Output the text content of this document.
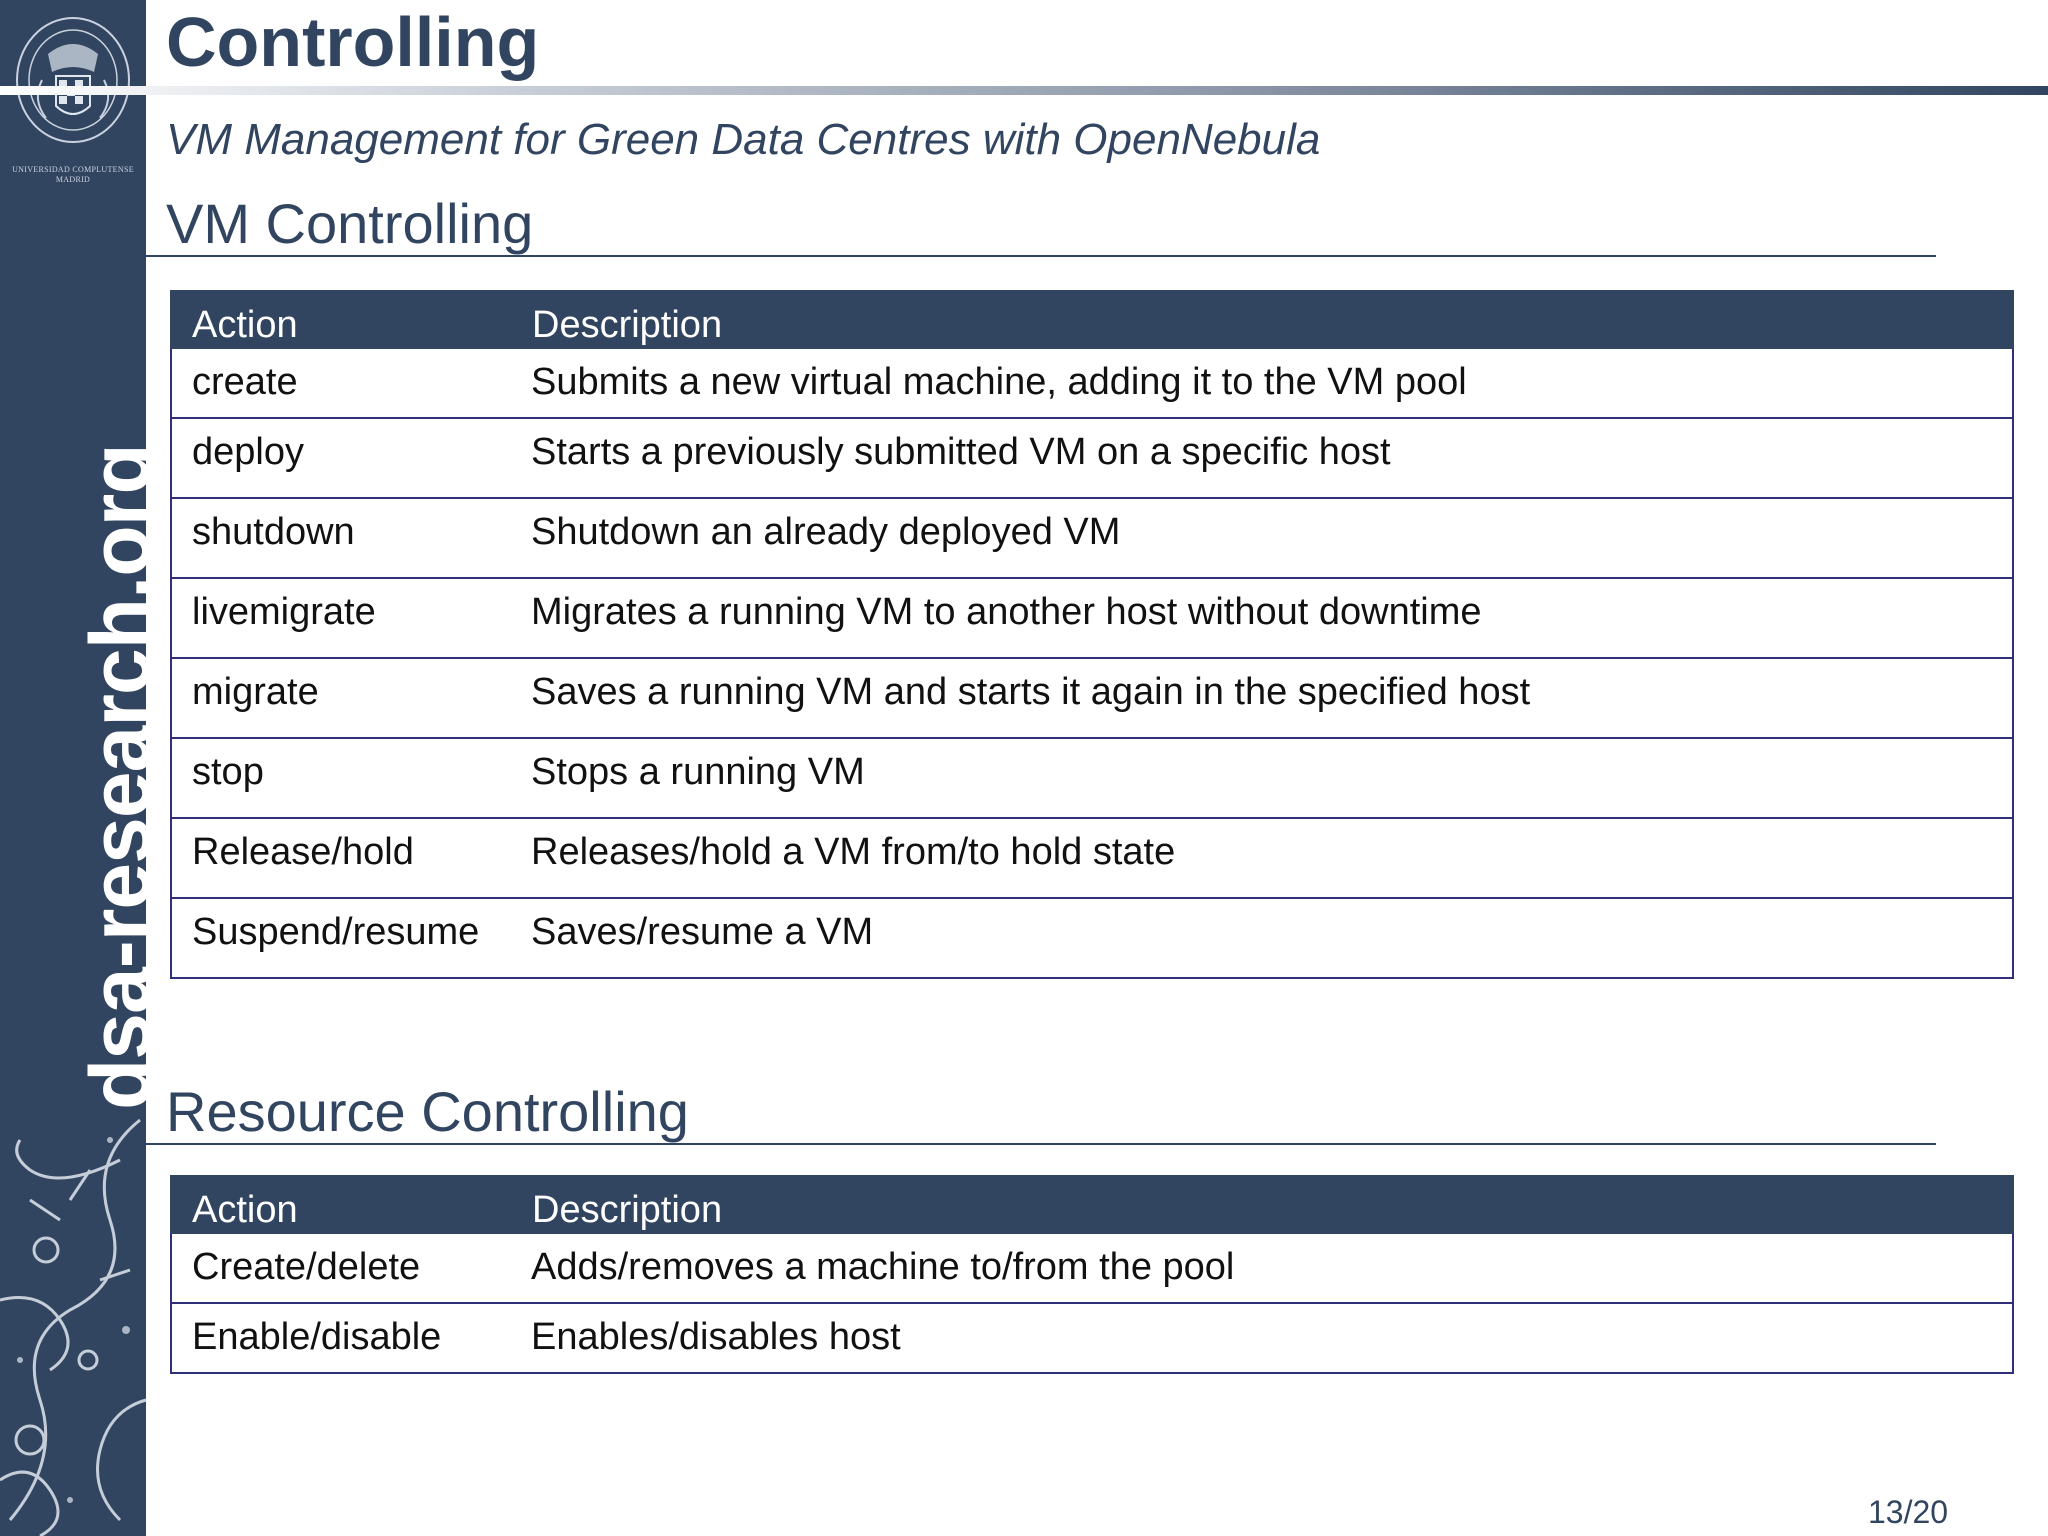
UNIVERSIDAD COMPLUTENSE MADRID
dsa-research.org
Controlling
VM Management for Green Data Centres with OpenNebula
VM Controlling
Action	Description
create	Submits a new virtual machine, adding it to the VM pool
deploy	Starts a previously submitted VM on a specific host
shutdown	Shutdown an already deployed VM
livemigrate	Migrates a running VM to another host without downtime
migrate	Saves a running VM and starts it again in the specified host
stop	Stops a running VM
Release/hold	Releases/hold a VM from/to hold state
Suspend/resume	Saves/resume a VM
Resource Controlling
Action	Description
Create/delete	Adds/removes a machine to/from the pool
Enable/disable	Enables/disables host
13/20
